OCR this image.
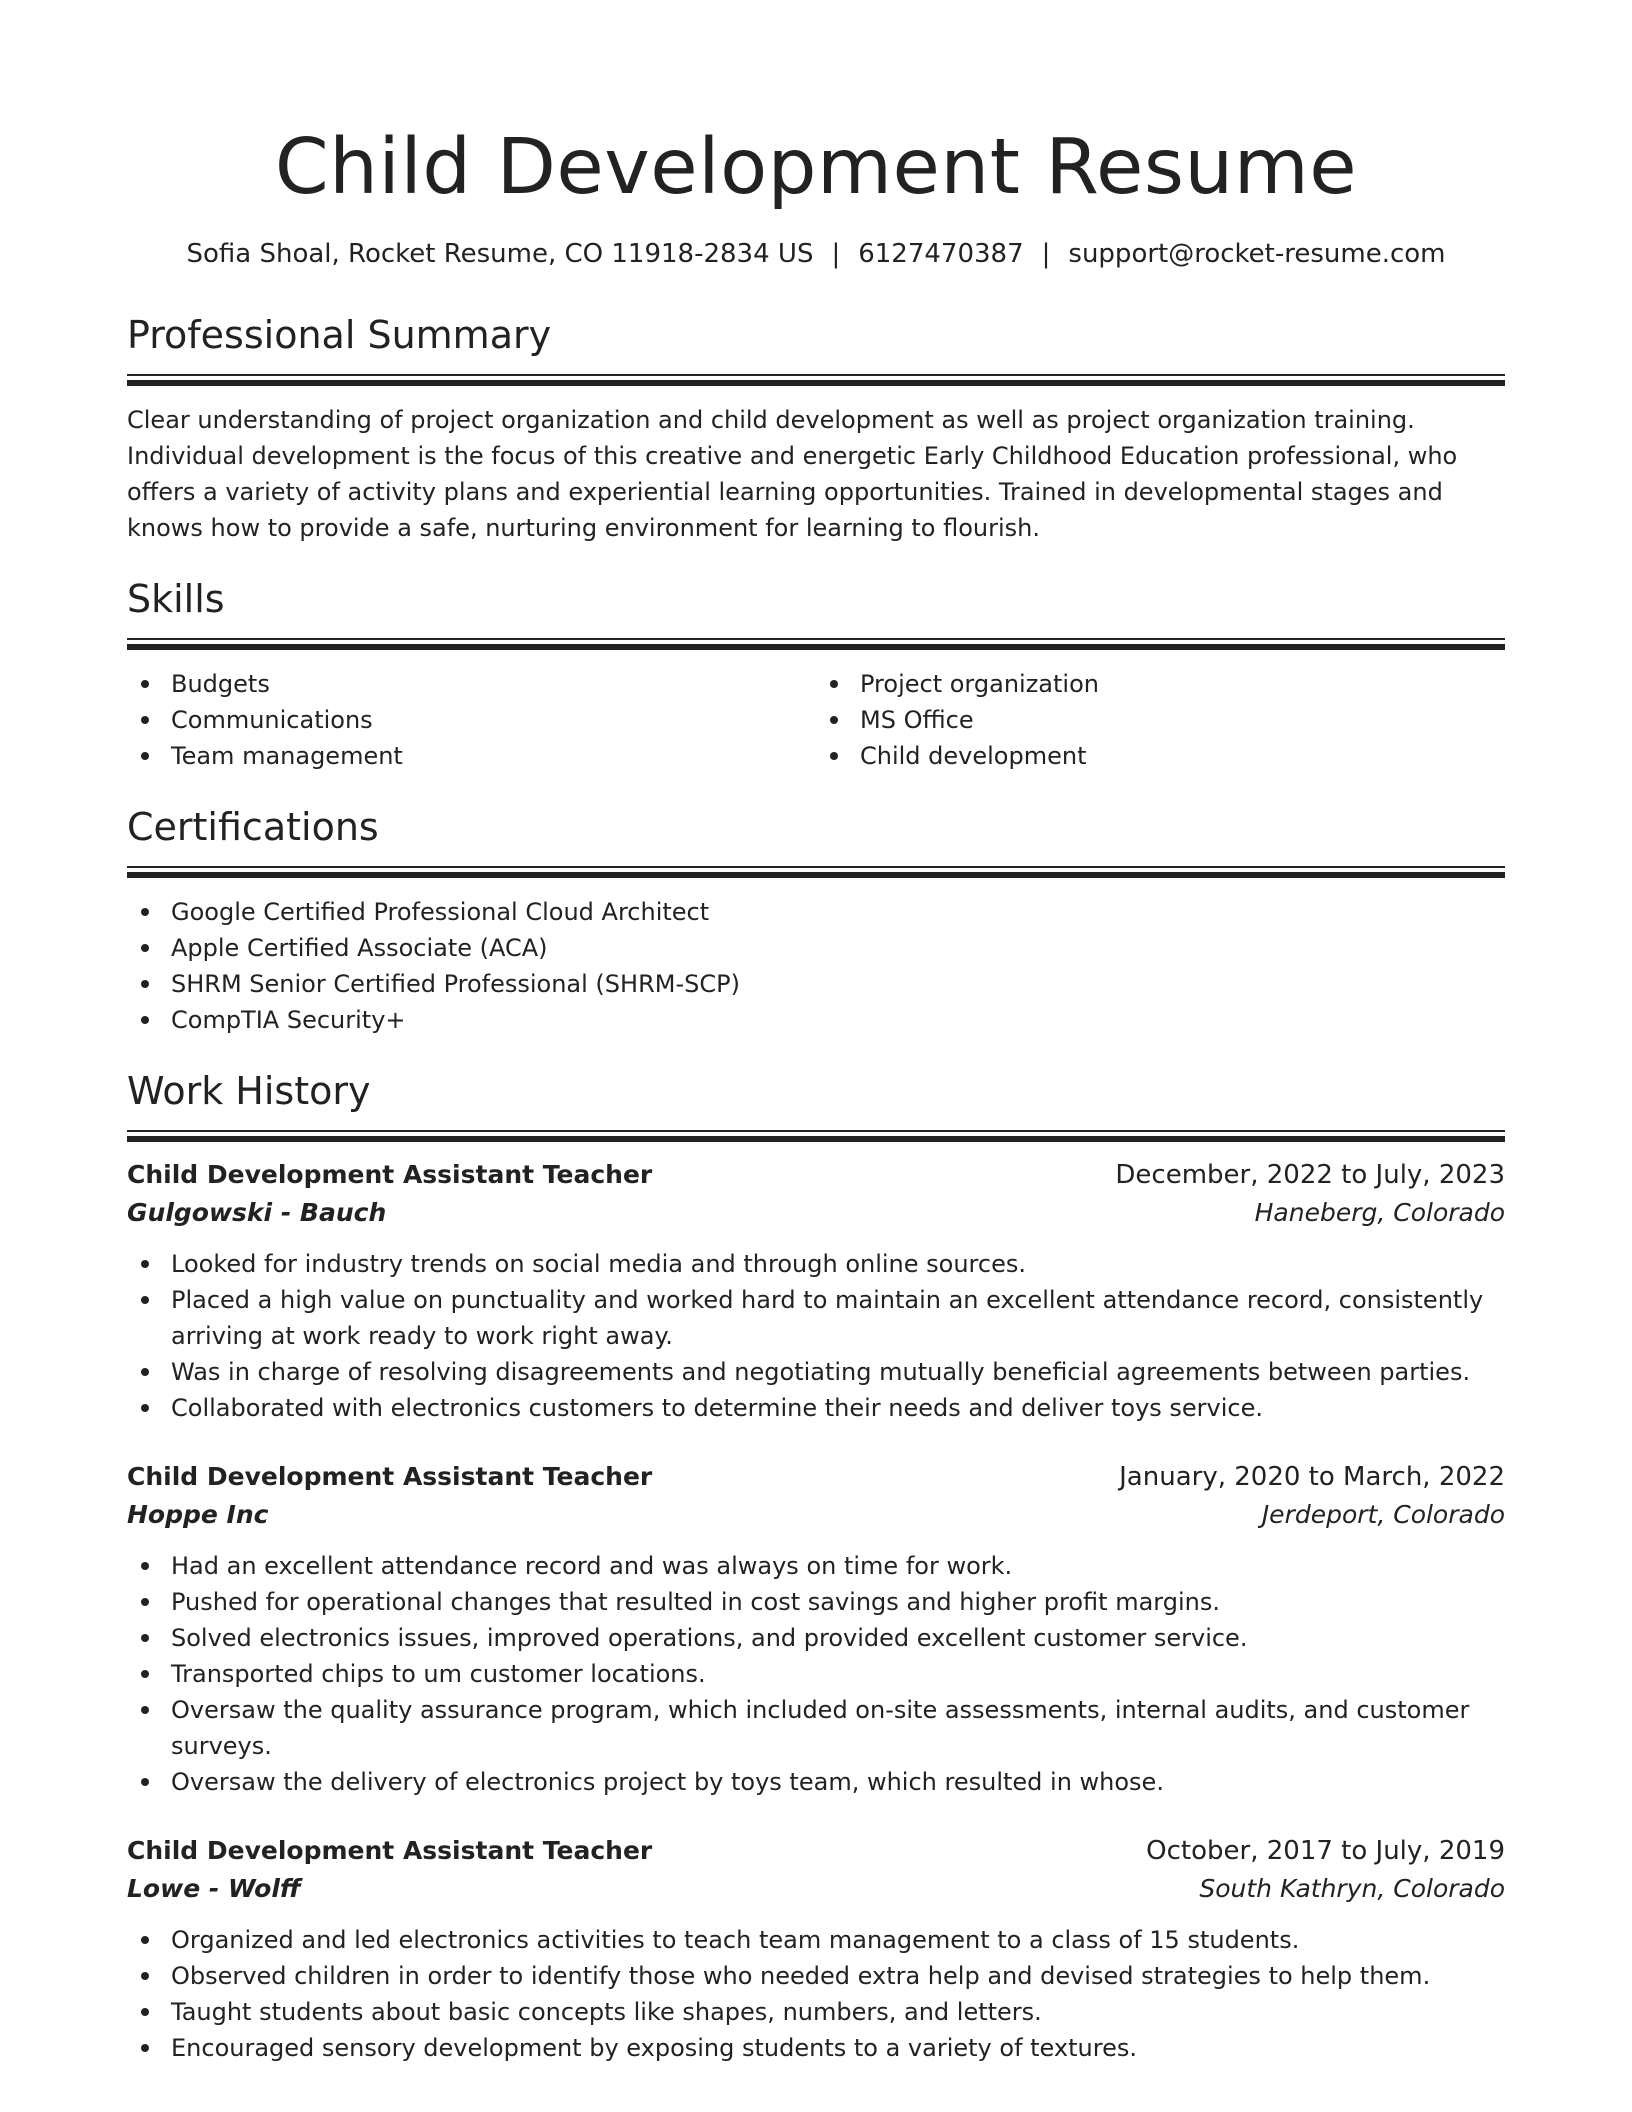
Child Development Resume
Sofia Shoal, Rocket Resume, CO 11918-2834 US | 6127470387 | support@rocket-resume.com
Professional Summary

Clear understanding of project organization and child development as well as project organization training. Individual development is the focus of this creative and energetic Early Childhood Education professional, who offers a variety of activity plans and experiential learning opportunities. Trained in developmental stages and knows how to provide a safe, nurturing environment for learning to flourish.

Skills
Budgets
Communications
Team management
Project organization
MS Office
Child development
Certifications
Google Certified Professional Cloud Architect
Apple Certified Associate (ACA)
SHRM Senior Certified Professional (SHRM-SCP)
CompTIA Security+
Work History
Child Development Assistant Teacher	December, 2022 to July, 2023
Gulgowski - Bauch	Haneberg, Colorado
Looked for industry trends on social media and through online sources.
Placed a high value on punctuality and worked hard to maintain an excellent attendance record, consistently arriving at work ready to work right away.
Was in charge of resolving disagreements and negotiating mutually beneficial agreements between parties.
Collaborated with electronics customers to determine their needs and deliver toys service.
Child Development Assistant Teacher	January, 2020 to March, 2022
Hoppe Inc	Jerdeport, Colorado
Had an excellent attendance record and was always on time for work.
Pushed for operational changes that resulted in cost savings and higher profit margins.
Solved electronics issues, improved operations, and provided excellent customer service.
Transported chips to um customer locations.
Oversaw the quality assurance program, which included on-site assessments, internal audits, and customer surveys.
Oversaw the delivery of electronics project by toys team, which resulted in whose.
Child Development Assistant Teacher	October, 2017 to July, 2019
Lowe - Wolff	South Kathryn, Colorado
Organized and led electronics activities to teach team management to a class of 15 students.
Observed children in order to identify those who needed extra help and devised strategies to help them.
Taught students about basic concepts like shapes, numbers, and letters.
Encouraged sensory development by exposing students to a variety of textures.
